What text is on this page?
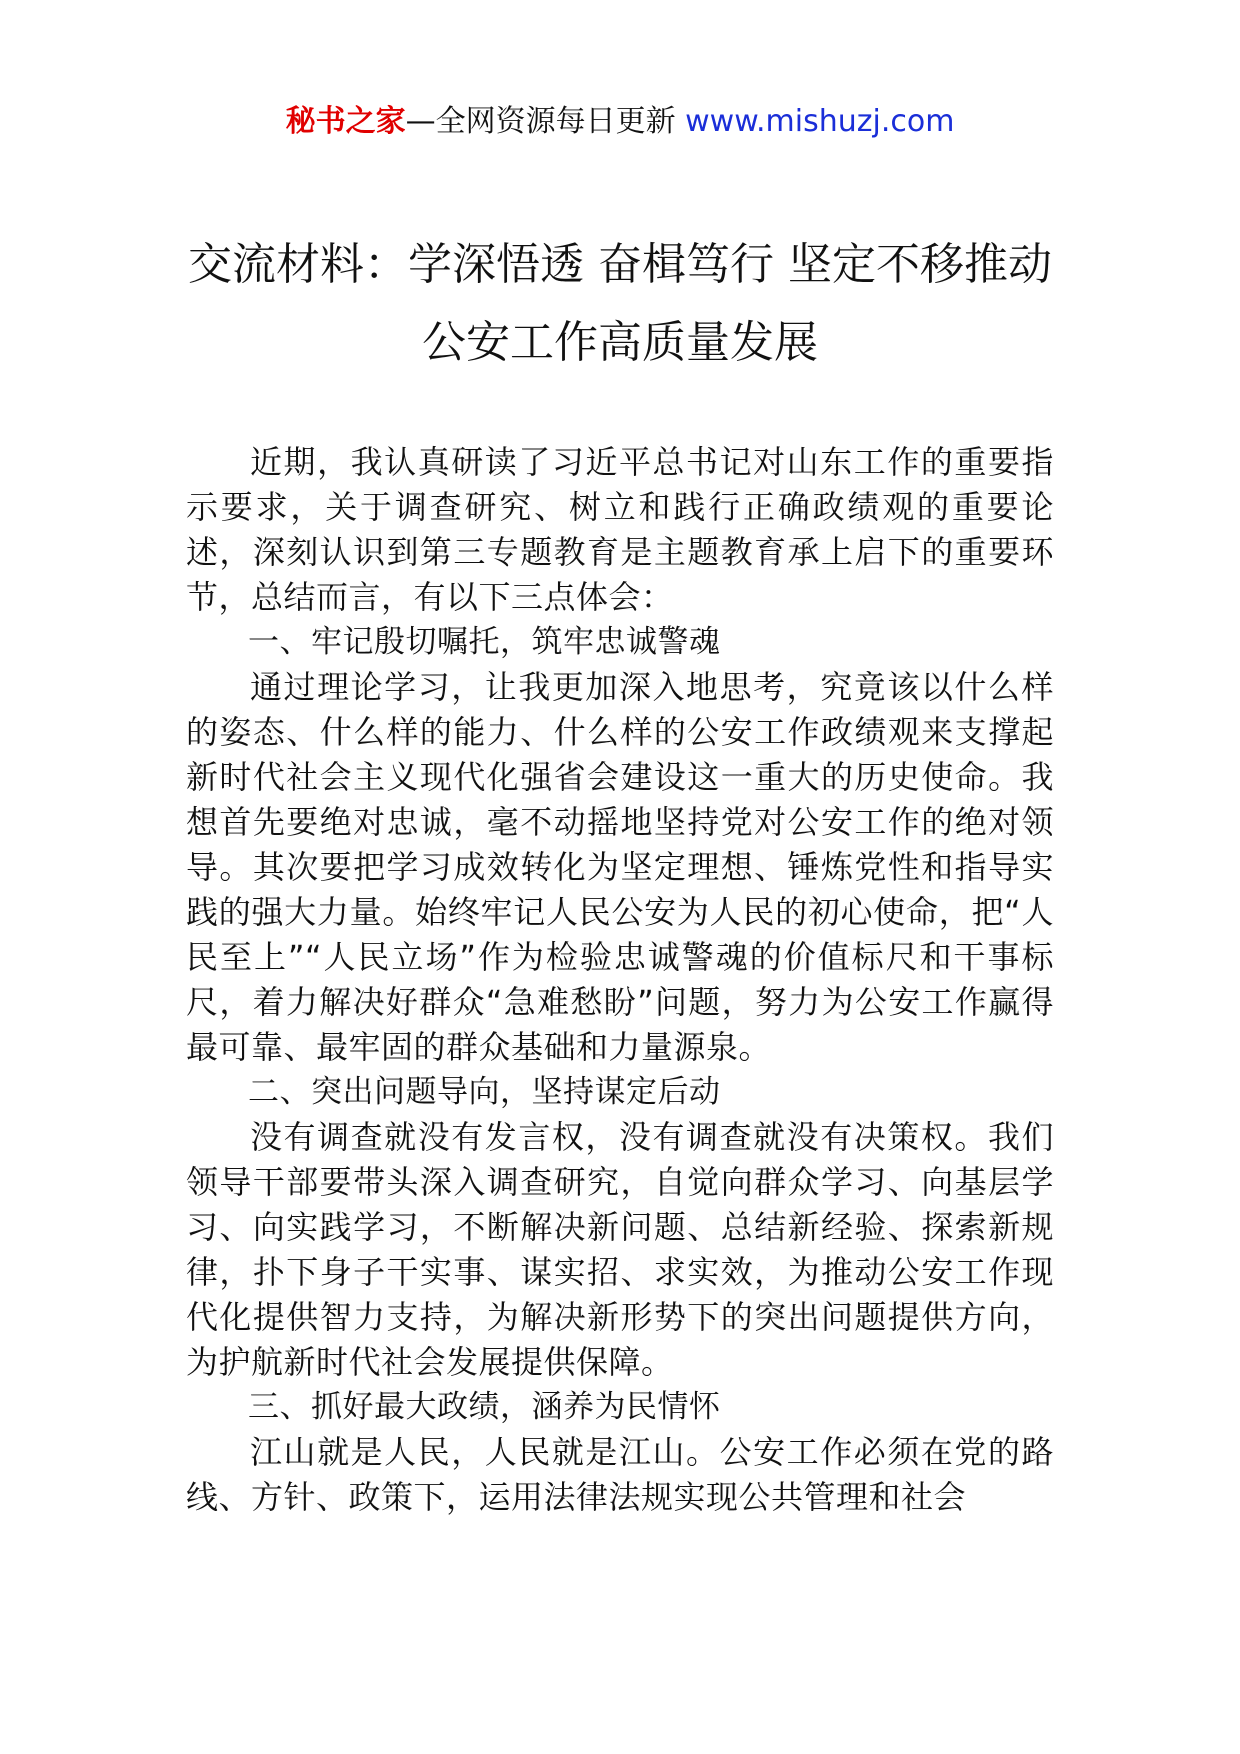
秘书之家—全网资源每日更新 www.mishuzj.com
交流材料：学深悟透 奋楫笃行 坚定不移推动公安工作高质量发展

近期，我认真研读了习近平总书记对山东工作的重要指示要求，关于调查研究、树立和践行正确政绩观的重要论述，深刻认识到第三专题教育是主题教育承上启下的重要环节，总结而言，有以下三点体会：

一、牢记殷切嘱托，筑牢忠诚警魂

通过理论学习，让我更加深入地思考，究竟该以什么样的姿态、什么样的能力、什么样的公安工作政绩观来支撑起新时代社会主义现代化强省会建设这一重大的历史使命。我想首先要绝对忠诚，毫不动摇地坚持党对公安工作的绝对领导。其次要把学习成效转化为坚定理想、锤炼党性和指导实践的强大力量。始终牢记人民公安为人民的初心使命，把“人民至上”“人民立场”作为检验忠诚警魂的价值标尺和干事标尺，着力解决好群众“急难愁盼”问题，努力为公安工作赢得最可靠、最牢固的群众基础和力量源泉。

二、突出问题导向，坚持谋定后动

没有调查就没有发言权，没有调查就没有决策权。我们领导干部要带头深入调查研究，自觉向群众学习、向基层学习、向实践学习，不断解决新问题、总结新经验、探索新规律，扑下身子干实事、谋实招、求实效，为推动公安工作现代化提供智力支持，为解决新形势下的突出问题提供方向，为护航新时代社会发展提供保障。

三、抓好最大政绩，涵养为民情怀

江山就是人民，人民就是江山。公安工作必须在党的路线、方针、政策下，运用法律法规实现公共管理和社会
